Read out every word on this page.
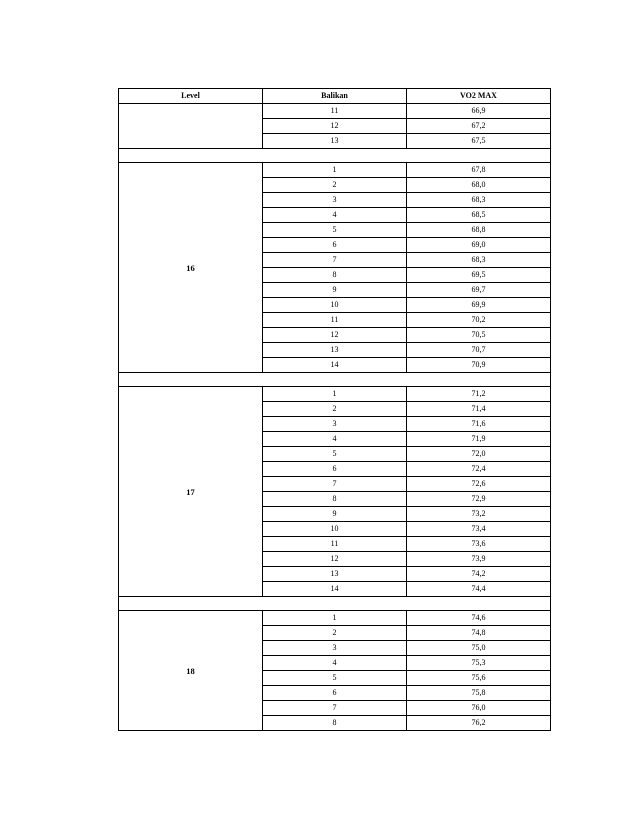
Level	Balikan	VO2 MAX
	11	66,9
	12	67,2
	13	67,5

16	1	67,8
	2	68,0
	3	68,3
	4	68,5
	5	68,8
	6	69,0
	7	68,3
	8	69,5
	9	69,7
	10	69,9
	11	70,2
	12	70,5
	13	70,7
	14	70,9

17	1	71,2
	2	71,4
	3	71,6
	4	71,9
	5	72,0
	6	72,4
	7	72,6
	8	72,9
	9	73,2
	10	73,4
	11	73,6
	12	73,9
	13	74,2
	14	74,4

18	1	74,6
	2	74,8
	3	75,0
	4	75,3
	5	75,6
	6	75,8
	7	76,0
	8	76,2
